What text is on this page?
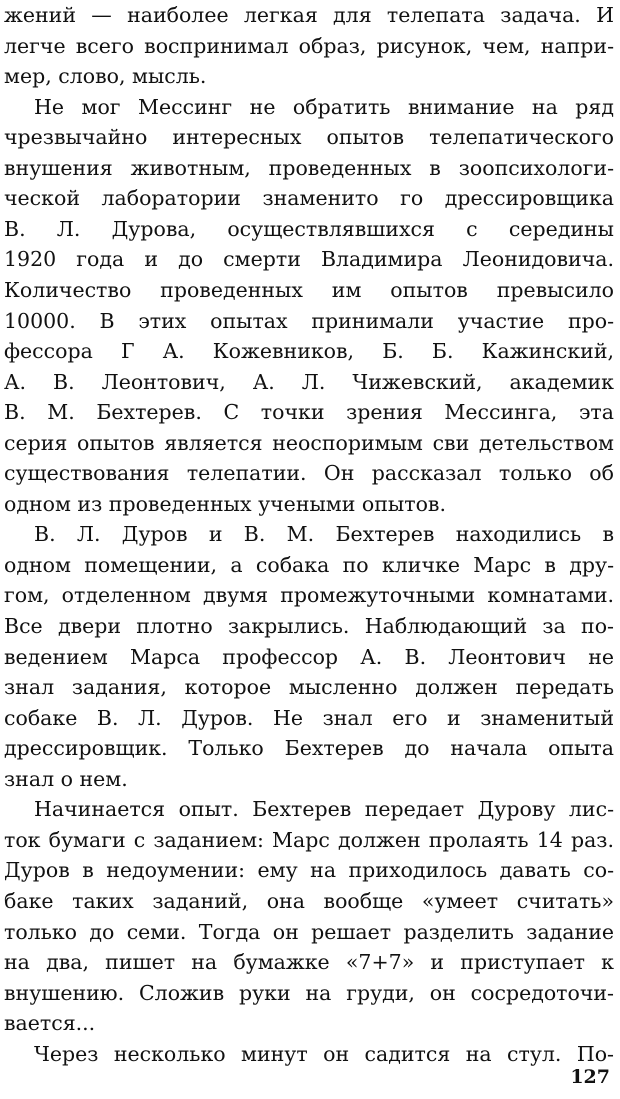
жений — наиболее легкая для телепата задача. И
легче всего воспринимал образ, рисунок, чем, напри-
мер, слово, мысль.
Не мог Мессинг не обратить внимание на ряд
чрезвычайно интересных опытов телепатического
внушения животным, проведенных в зоопсихологи-
ческой лаборатории знаменито го дрессировщика
В. Л. Дурова, осуществлявшихся с середины
1920 года и до смерти Владимира Леонидовича.
Количество проведенных им опытов превысило
10000. В этих опытах принимали участие про-
фессора Г А. Кожевников, Б. Б. Кажинский,
А. В. Леонтович, А. Л. Чижевский, академик
В. М. Бехтерев. С точки зрения Мессинга, эта
серия опытов является неоспоримым сви детельством
существования телепатии. Он рассказал только об
одном из проведенных учеными опытов.
В. Л. Дуров и В. М. Бехтерев находились в
одном помещении, а собака по кличке Марс в дру-
гом, отделенном двумя промежуточными комнатами.
Все двери плотно закрылись. Наблюдающий за по-
ведением Марса профессор А. В. Леонтович не
знал задания, которое мысленно должен передать
собаке В. Л. Дуров. Не знал его и знаменитый
дрессировщик. Только Бехтерев до начала опыта
знал о нем.
Начинается опыт. Бехтерев передает Дурову лис-
ток бумаги с заданием: Марс должен пролаять 14 раз.
Дуров в недоумении: ему на приходилось давать со-
баке таких заданий, она вообще «умеет считать»
только до семи. Тогда он решает разделить задание
на два, пишет на бумажке «7+7» и приступает к
внушению. Сложив руки на груди, он сосредоточи-
вается...
Через несколько минут он садится на стул. По-
127
